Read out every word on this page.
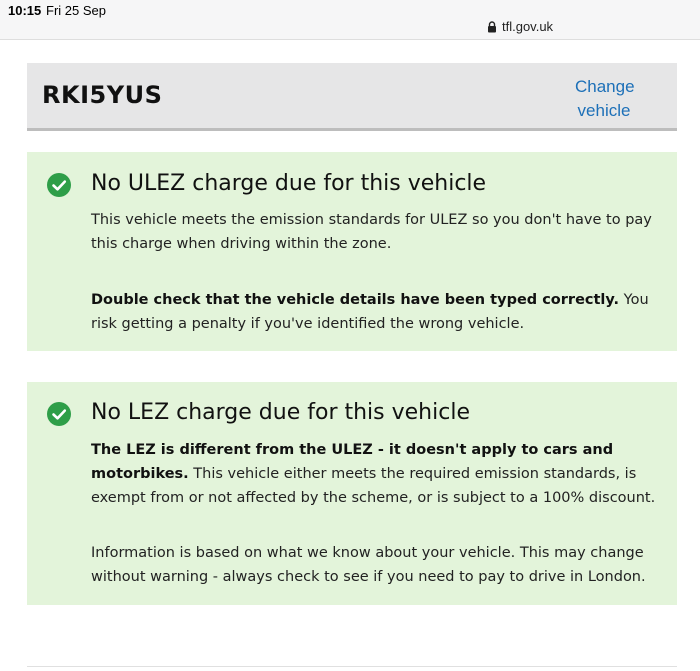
10:15 Fri 25 Sep
tfl.gov.uk
RKI5YUS	Change
vehicle
No ULEZ charge due for this vehicle

This vehicle meets the emission standards for ULEZ so you don't have to pay this charge when driving within the zone.

Double check that the vehicle details have been typed correctly. You risk getting a penalty if you've identified the wrong vehicle.

No LEZ charge due for this vehicle

The LEZ is different from the ULEZ - it doesn't apply to cars and motorbikes. This vehicle either meets the required emission standards, is exempt from or not affected by the scheme, or is subject to a 100% discount.

Information is based on what we know about your vehicle. This may change without warning - always check to see if you need to pay to drive in London.
